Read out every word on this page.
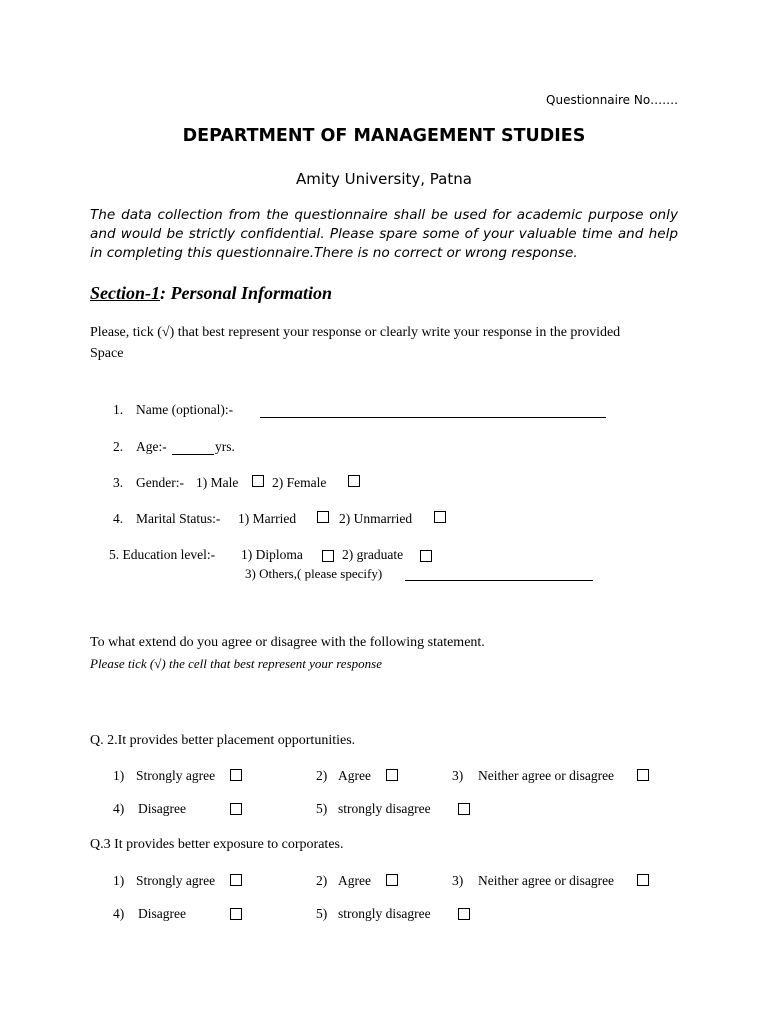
Questionnaire No…….
DEPARTMENT OF MANAGEMENT STUDIES
Amity University, Patna
The data collection from the questionnaire shall be used for academic purpose only and would be strictly confidential. Please spare some of your valuable time and help in completing this questionnaire.There is no correct or wrong response.
Section-1: Personal Information
Please, tick (√) that best represent your response or clearly write your response in the provided Space
1. Name (optional):-
2. Age:-	yrs.
3. Gender:- 1) Male 2) Female
4. Marital Status:- 1) Married	2) Unmarried
5. Education level:- 1) Diploma	2) graduate
3) Others,( please specify)
To what extend do you agree or disagree with the following statement.
Please tick (√) the cell that best represent your response
Q. 2.It provides better placement opportunities.
1) Strongly agree	2) Agree	3) Neither agree or disagree
4) Disagree	5) strongly disagree
Q.3 It provides better exposure to corporates.
1) Strongly agree	2) Agree	3) Neither agree or disagree
4) Disagree	5) strongly disagree
